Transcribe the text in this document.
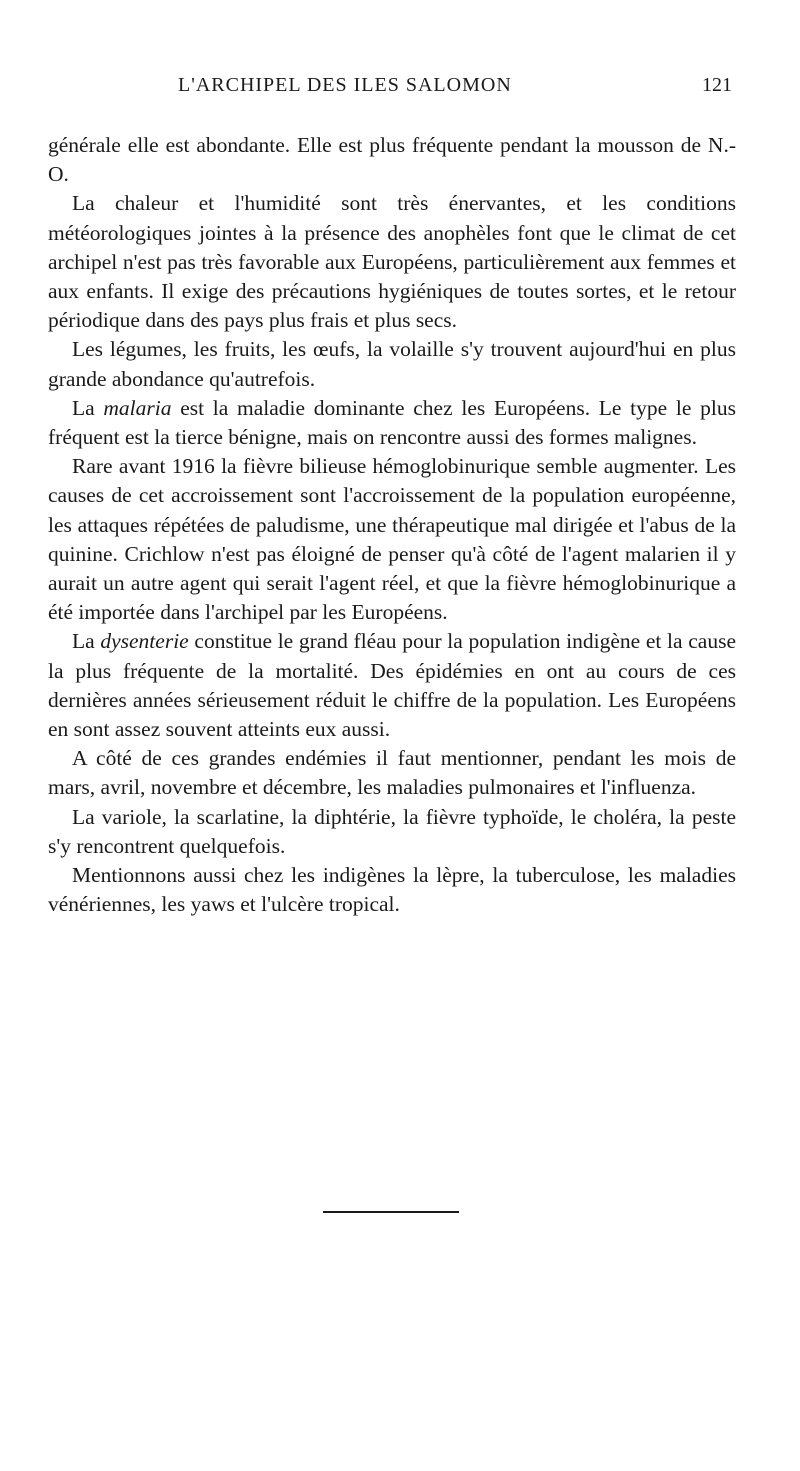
L'ARCHIPEL DES ILES SALOMON	121

générale elle est abondante. Elle est plus fréquente pendant la mousson de N.-O.

La chaleur et l'humidité sont très énervantes, et les conditions météorologiques jointes à la présence des anophèles font que le climat de cet archipel n'est pas très favorable aux Européens, particulièrement aux femmes et aux enfants. Il exige des précautions hygiéniques de toutes sortes, et le retour périodique dans des pays plus frais et plus secs.

Les légumes, les fruits, les œufs, la volaille s'y trouvent aujourd'hui en plus grande abondance qu'autrefois.

La malaria est la maladie dominante chez les Européens. Le type le plus fréquent est la tierce bénigne, mais on rencontre aussi des formes malignes.

Rare avant 1916 la fièvre bilieuse hémoglobinurique semble augmenter. Les causes de cet accroissement sont l'accroissement de la population européenne, les attaques répétées de paludisme, une thérapeutique mal dirigée et l'abus de la quinine. Crichlow n'est pas éloigné de penser qu'à côté de l'agent malarien il y aurait un autre agent qui serait l'agent réel, et que la fièvre hémoglobinurique a été importée dans l'archipel par les Européens.

La dysenterie constitue le grand fléau pour la population indigène et la cause la plus fréquente de la mortalité. Des épidémies en ont au cours de ces dernières années sérieusement réduit le chiffre de la population. Les Européens en sont assez souvent atteints eux aussi.

A côté de ces grandes endémies il faut mentionner, pendant les mois de mars, avril, novembre et décembre, les maladies pulmonaires et l'influenza.

La variole, la scarlatine, la diphtérie, la fièvre typhoïde, le choléra, la peste s'y rencontrent quelquefois.

Mentionnons aussi chez les indigènes la lèpre, la tuberculose, les maladies vénériennes, les yaws et l'ulcère tropical.
